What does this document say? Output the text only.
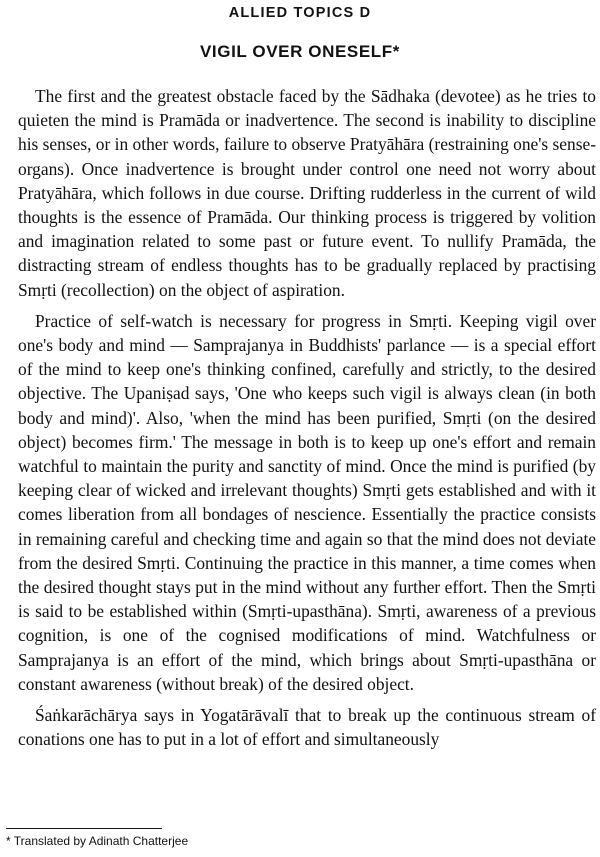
ALLIED TOPICS D
VIGIL OVER ONESELF*

The first and the greatest obstacle faced by the Sādhaka (devotee) as he tries to quieten the mind is Pramāda or inadvertence. The second is inability to discipline his senses, or in other words, failure to observe Pratyāhāra (restraining one's sense-organs). Once inadvertence is brought under control one need not worry about Pratyāhāra, which follows in due course. Drifting rudderless in the current of wild thoughts is the essence of Pramāda. Our thinking process is triggered by volition and imagination related to some past or future event. To nullify Pramāda, the distracting stream of endless thoughts has to be gradually replaced by practising Smṛti (recollection) on the object of aspiration.

Practice of self-watch is necessary for progress in Smṛti. Keeping vigil over one's body and mind — Samprajanya in Buddhists' parlance — is a special effort of the mind to keep one's thinking confined, carefully and strictly, to the desired objective. The Upaniṣad says, 'One who keeps such vigil is always clean (in both body and mind)'. Also, 'when the mind has been purified, Smṛti (on the desired object) becomes firm.' The message in both is to keep up one's effort and remain watchful to maintain the purity and sanctity of mind. Once the mind is purified (by keeping clear of wicked and irrelevant thoughts) Smṛti gets established and with it comes liberation from all bondages of nescience. Essentially the practice consists in remaining careful and checking time and again so that the mind does not deviate from the desired Smṛti. Continuing the practice in this manner, a time comes when the desired thought stays put in the mind without any further effort. Then the Smṛti is said to be established within (Smṛti-upasthāna). Smṛti, awareness of a previous cognition, is one of the cognised modifications of mind. Watchfulness or Samprajanya is an effort of the mind, which brings about Smṛti-upasthāna or constant awareness (without break) of the desired object.

Śaṅkarāchārya says in Yogatārāvalī that to break up the continuous stream of conations one has to put in a lot of effort and simultaneously

* Translated by Adinath Chatterjee
